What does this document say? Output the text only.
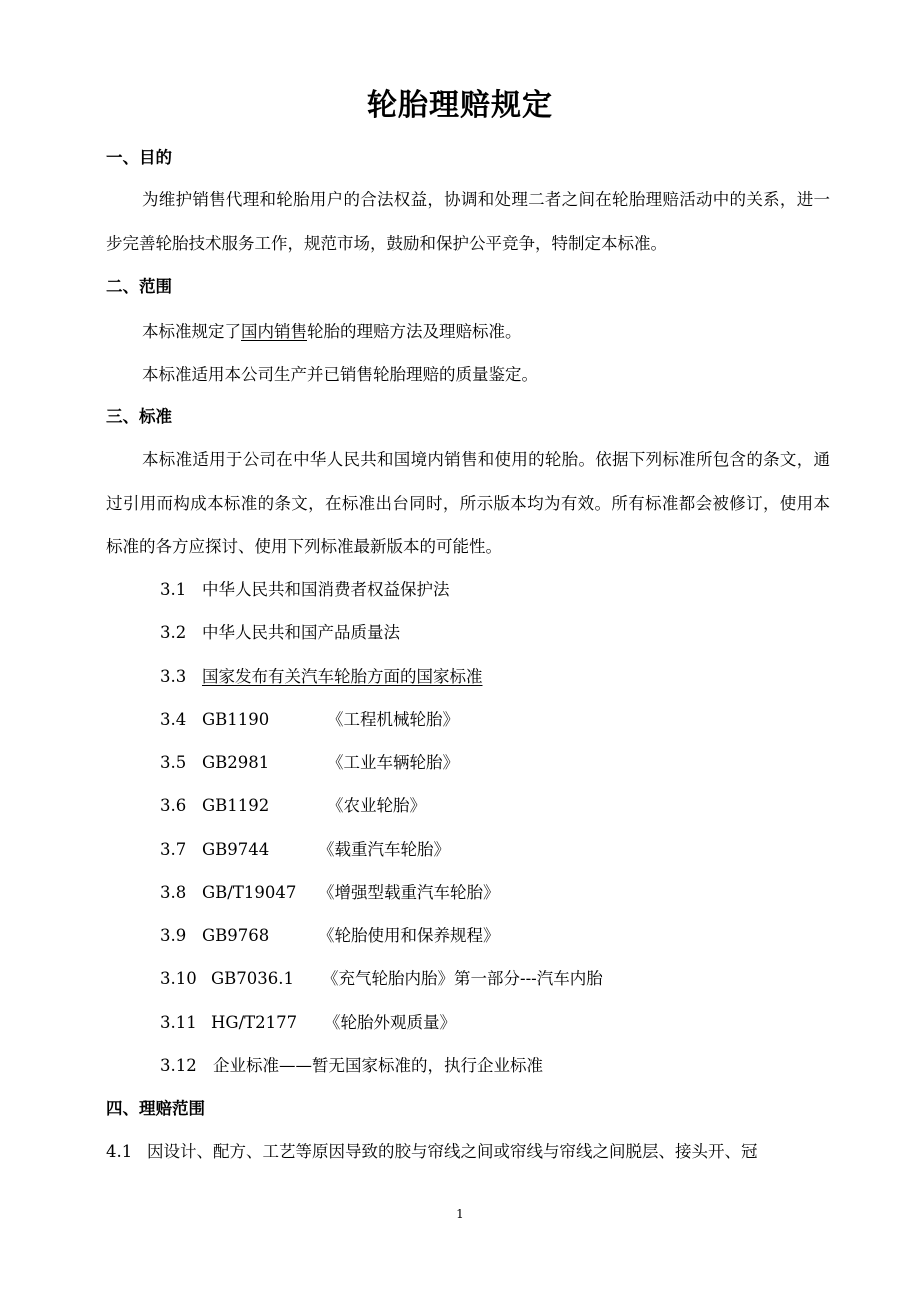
轮胎理赔规定
一、目的
为维护销售代理和轮胎用户的合法权益，协调和处理二者之间在轮胎理赔活动中的关系，进一步完善轮胎技术服务工作，规范市场，鼓励和保护公平竞争，特制定本标准。
二、范围
本标准规定了国内销售轮胎的理赔方法及理赔标准。
本标准适用本公司生产并已销售轮胎理赔的质量鉴定。
三、标准
本标准适用于公司在中华人民共和国境内销售和使用的轮胎。依据下列标准所包含的条文，通过引用而构成本标准的条文，在标准出台同时，所示版本均为有效。所有标准都会被修订，使用本标准的各方应探讨、使用下列标准最新版本的可能性。
3.1 中华人民共和国消费者权益保护法
3.2 中华人民共和国产品质量法
3.3 国家发布有关汽车轮胎方面的国家标准
3.4 GB1190	《工程机械轮胎》
3.5 GB2981	《工业车辆轮胎》
3.6 GB1192	《农业轮胎》
3.7 GB9744	《载重汽车轮胎》
3.8 GB/T19047 《增强型载重汽车轮胎》
3.9 GB9768	《轮胎使用和保养规程》
3.10 GB7036.1 《充气轮胎内胎》第一部分---汽车内胎
3.11 HG/T2177 《轮胎外观质量》
3.12 企业标准——暂无国家标准的，执行企业标准
四、理赔范围
4.1 因设计、配方、工艺等原因导致的胶与帘线之间或帘线与帘线之间脱层、接头开、冠
1
